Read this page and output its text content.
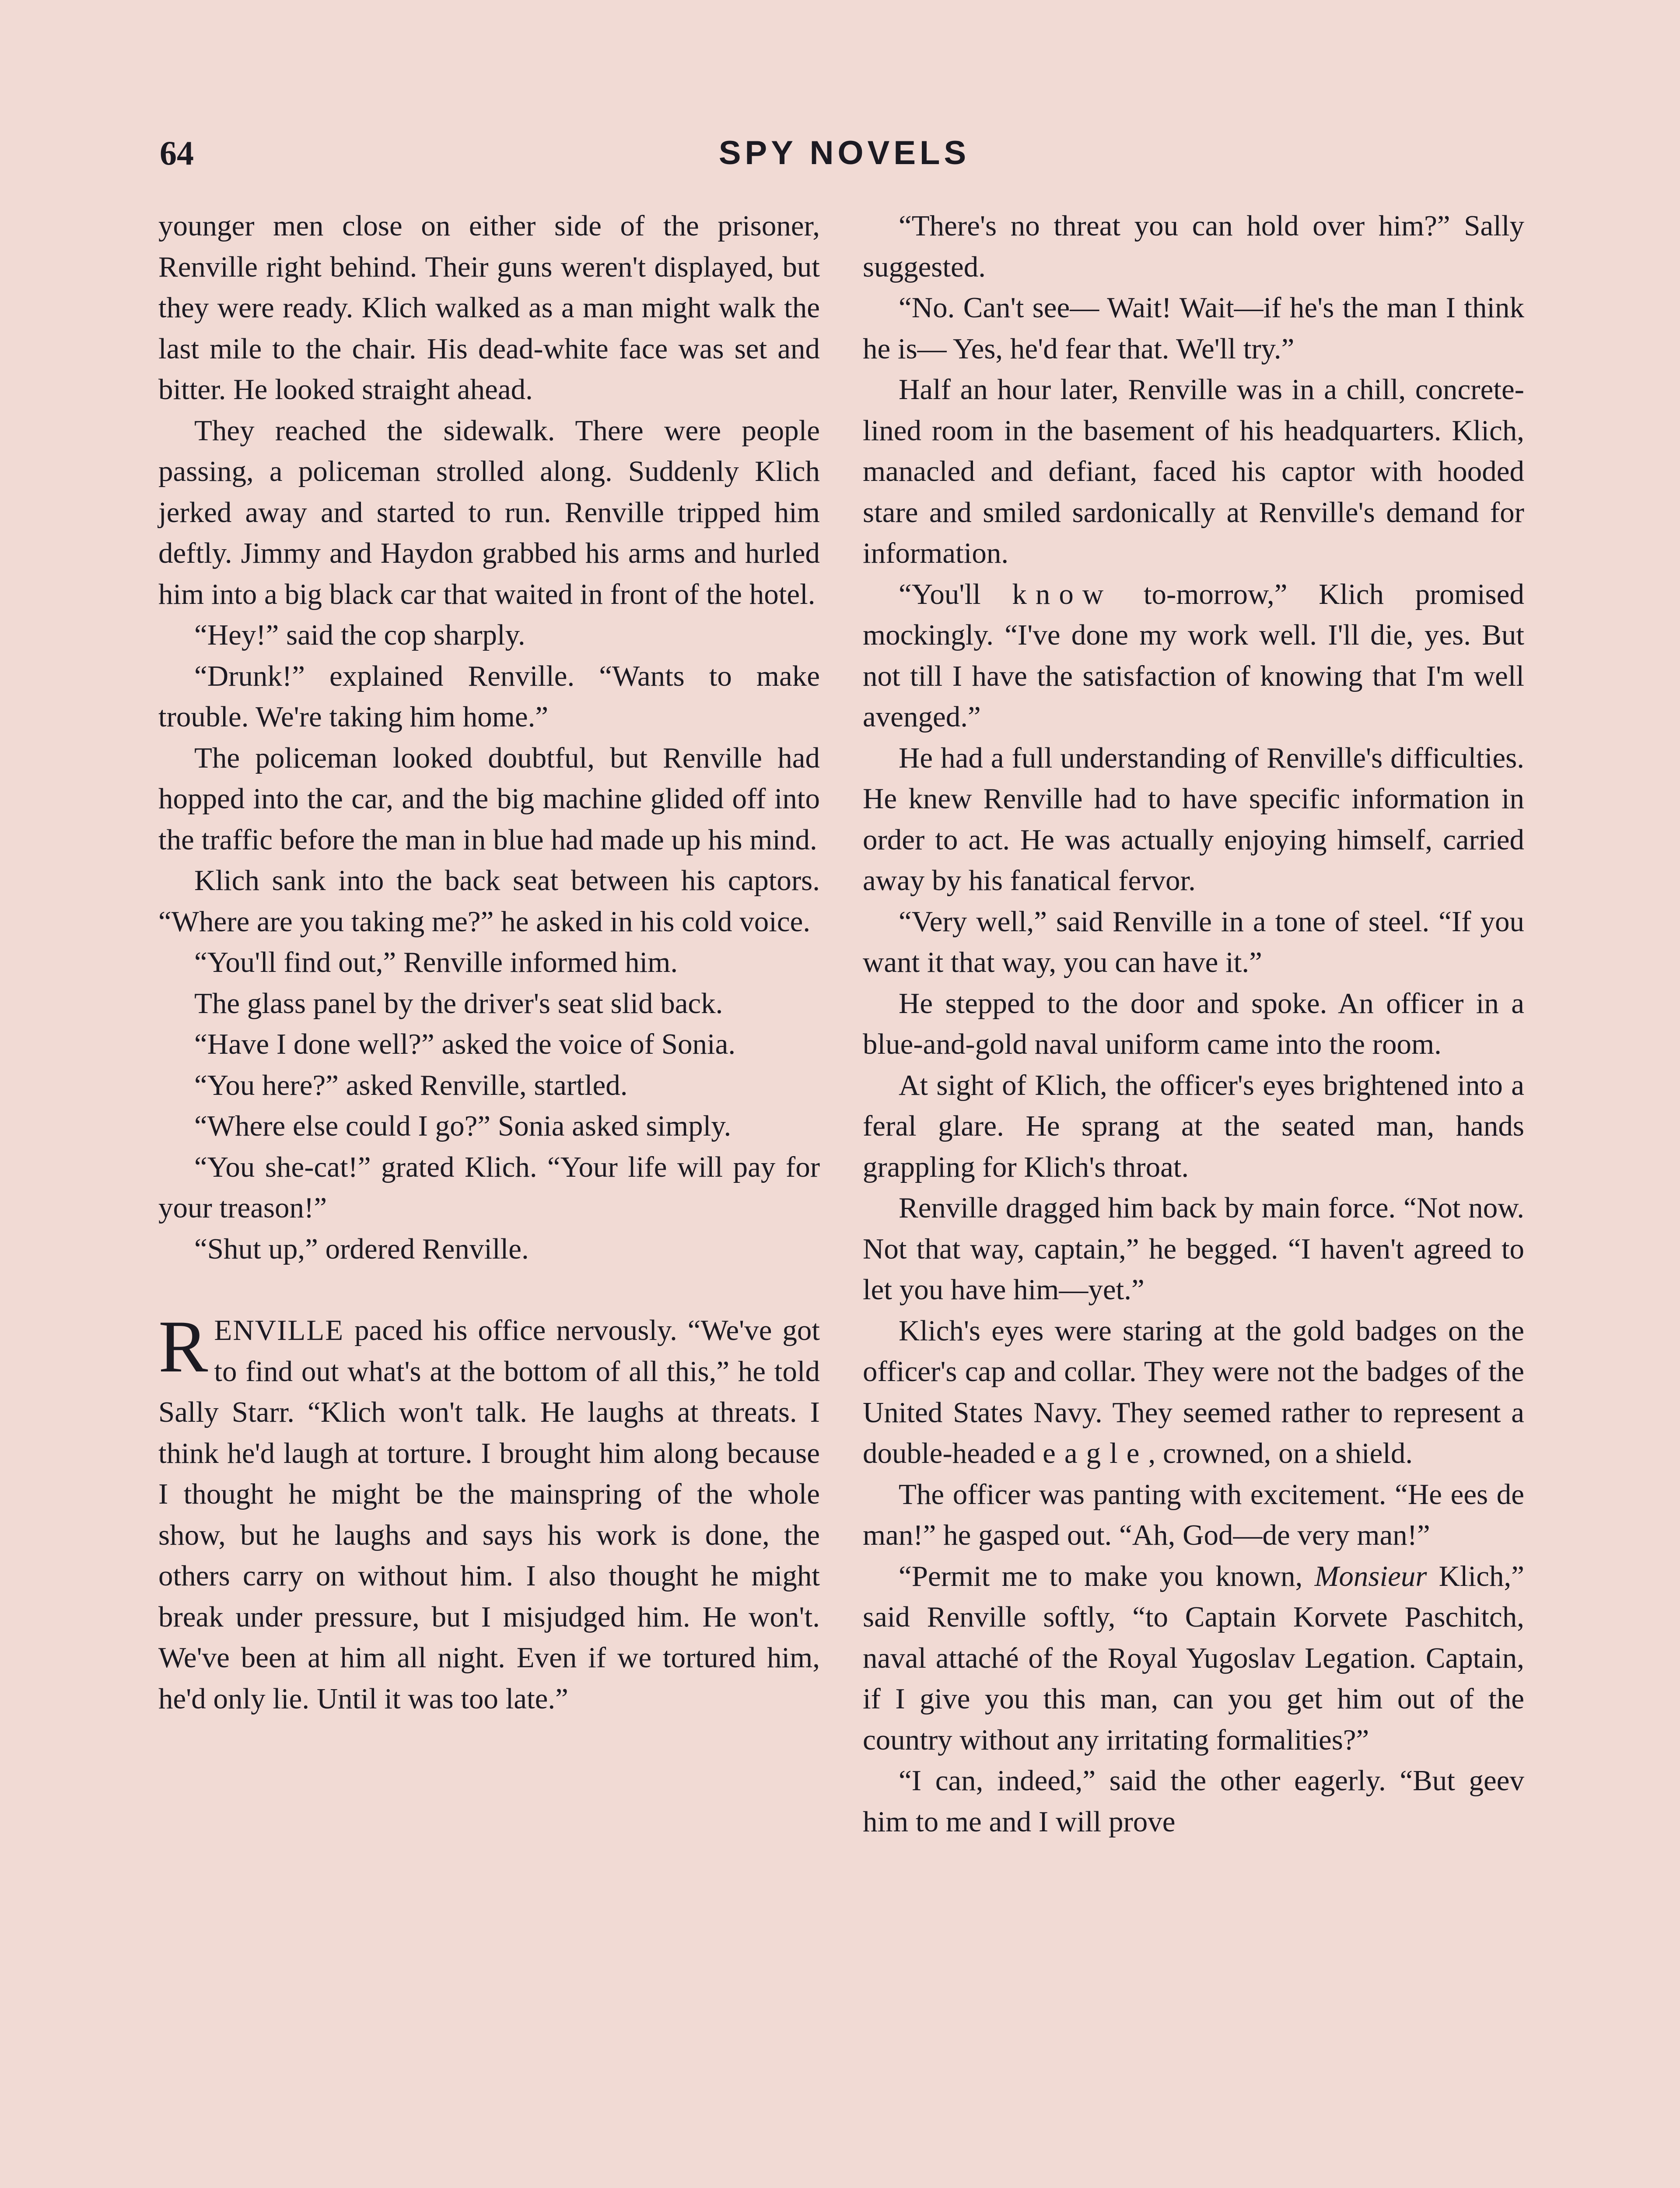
64	SPY NOVELS

younger men close on either side of the prisoner, Renville right behind. Their guns weren't displayed, but they were ready. Klich walked as a man might walk the last mile to the chair. His dead-white face was set and bitter. He looked straight ahead.

They reached the sidewalk. There were people passing, a policeman strolled along. Suddenly Klich jerked away and started to run. Renville tripped him deftly. Jimmy and Haydon grabbed his arms and hurled him into a big black car that waited in front of the hotel.

“Hey!” said the cop sharply.

“Drunk!” explained Renville. “Wants to make trouble. We're taking him home.”

The policeman looked doubtful, but Renville had hopped into the car, and the big machine glided off into the traffic before the man in blue had made up his mind.

Klich sank into the back seat between his captors. “Where are you taking me?” he asked in his cold voice.

“You'll find out,” Renville informed him.

The glass panel by the driver's seat slid back.

“Have I done well?” asked the voice of Sonia.

“You here?” asked Renville, startled.

“Where else could I go?” Sonia asked simply.

“You she-cat!” grated Klich. “Your life will pay for your treason!”

“Shut up,” ordered Renville.

RENVILLE paced his office nervously. “We've got to find out what's at the bottom of all this,” he told Sally Starr. “Klich won't talk. He laughs at threats. I think he'd laugh at torture. I brought him along because I thought he might be the mainspring of the whole show, but he laughs and says his work is done, the others carry on without him. I also thought he might break under pressure, but I misjudged him. He won't. We've been at him all night. Even if we tortured him, he'd only lie. Until it was too late.”

“There's no threat you can hold over him?” Sally suggested.

“No. Can't see— Wait! Wait—if he's the man I think he is— Yes, he'd fear that. We'll try.”

Half an hour later, Renville was in a chill, concrete-lined room in the basement of his headquarters. Klich, manacled and defiant, faced his captor with hooded stare and smiled sardonically at Renville's demand for information.

“You'll know to-morrow,” Klich promised mockingly. “I've done my work well. I'll die, yes. But not till I have the satisfaction of knowing that I'm well avenged.”

He had a full understanding of Renville's difficulties. He knew Renville had to have specific information in order to act. He was actually enjoying himself, carried away by his fanatical fervor.

“Very well,” said Renville in a tone of steel. “If you want it that way, you can have it.”

He stepped to the door and spoke. An officer in a blue-and-gold naval uniform came into the room.

At sight of Klich, the officer's eyes brightened into a feral glare. He sprang at the seated man, hands grappling for Klich's throat.

Renville dragged him back by main force. “Not now. Not that way, captain,” he begged. “I haven't agreed to let you have him—yet.”

Klich's eyes were staring at the gold badges on the officer's cap and collar. They were not the badges of the United States Navy. They seemed rather to represent a double-headed eagle, crowned, on a shield.

The officer was panting with excitement. “He ees de man!” he gasped out. “Ah, God—de very man!”

“Permit me to make you known, Monsieur Klich,” said Renville softly, “to Captain Korvete Paschitch, naval attaché of the Royal Yugoslav Legation. Captain, if I give you this man, can you get him out of the country without any irritating formalities?”

“I can, indeed,” said the other eagerly. “But geev him to me and I will prove
